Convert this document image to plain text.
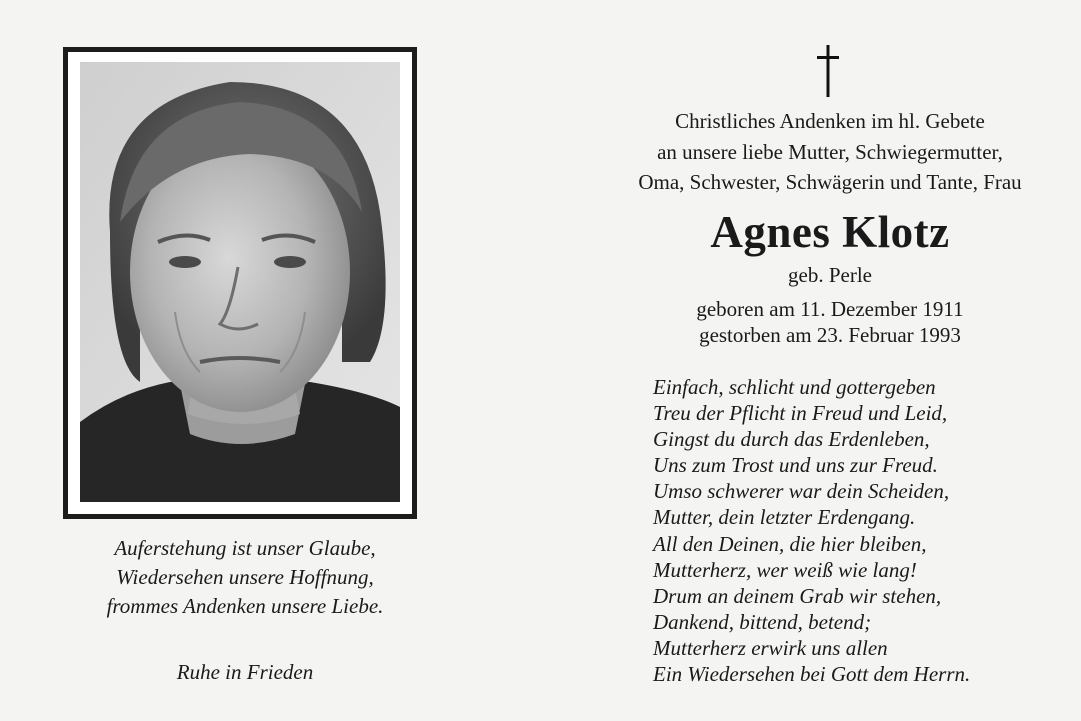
Auferstehung ist unser Glaube,
Wiedersehen unsere Hoffnung,
frommes Andenken unsere Liebe.
Ruhe in Frieden
Christliches Andenken im hl. Gebete
an unsere liebe Mutter, Schwiegermutter,
Oma, Schwester, Schwägerin und Tante, Frau
Agnes Klotz
geb. Perle
geboren am 11. Dezember 1911
gestorben am 23. Februar 1993
Einfach, schlicht und gottergeben
Treu der Pflicht in Freud und Leid,
Gingst du durch das Erdenleben,
Uns zum Trost und uns zur Freud.
Umso schwerer war dein Scheiden,
Mutter, dein letzter Erdengang.
All den Deinen, die hier bleiben,
Mutterherz, wer weiß wie lang!
Drum an deinem Grab wir stehen,
Dankend, bittend, betend;
Mutterherz erwirk uns allen
Ein Wiedersehen bei Gott dem Herrn.
